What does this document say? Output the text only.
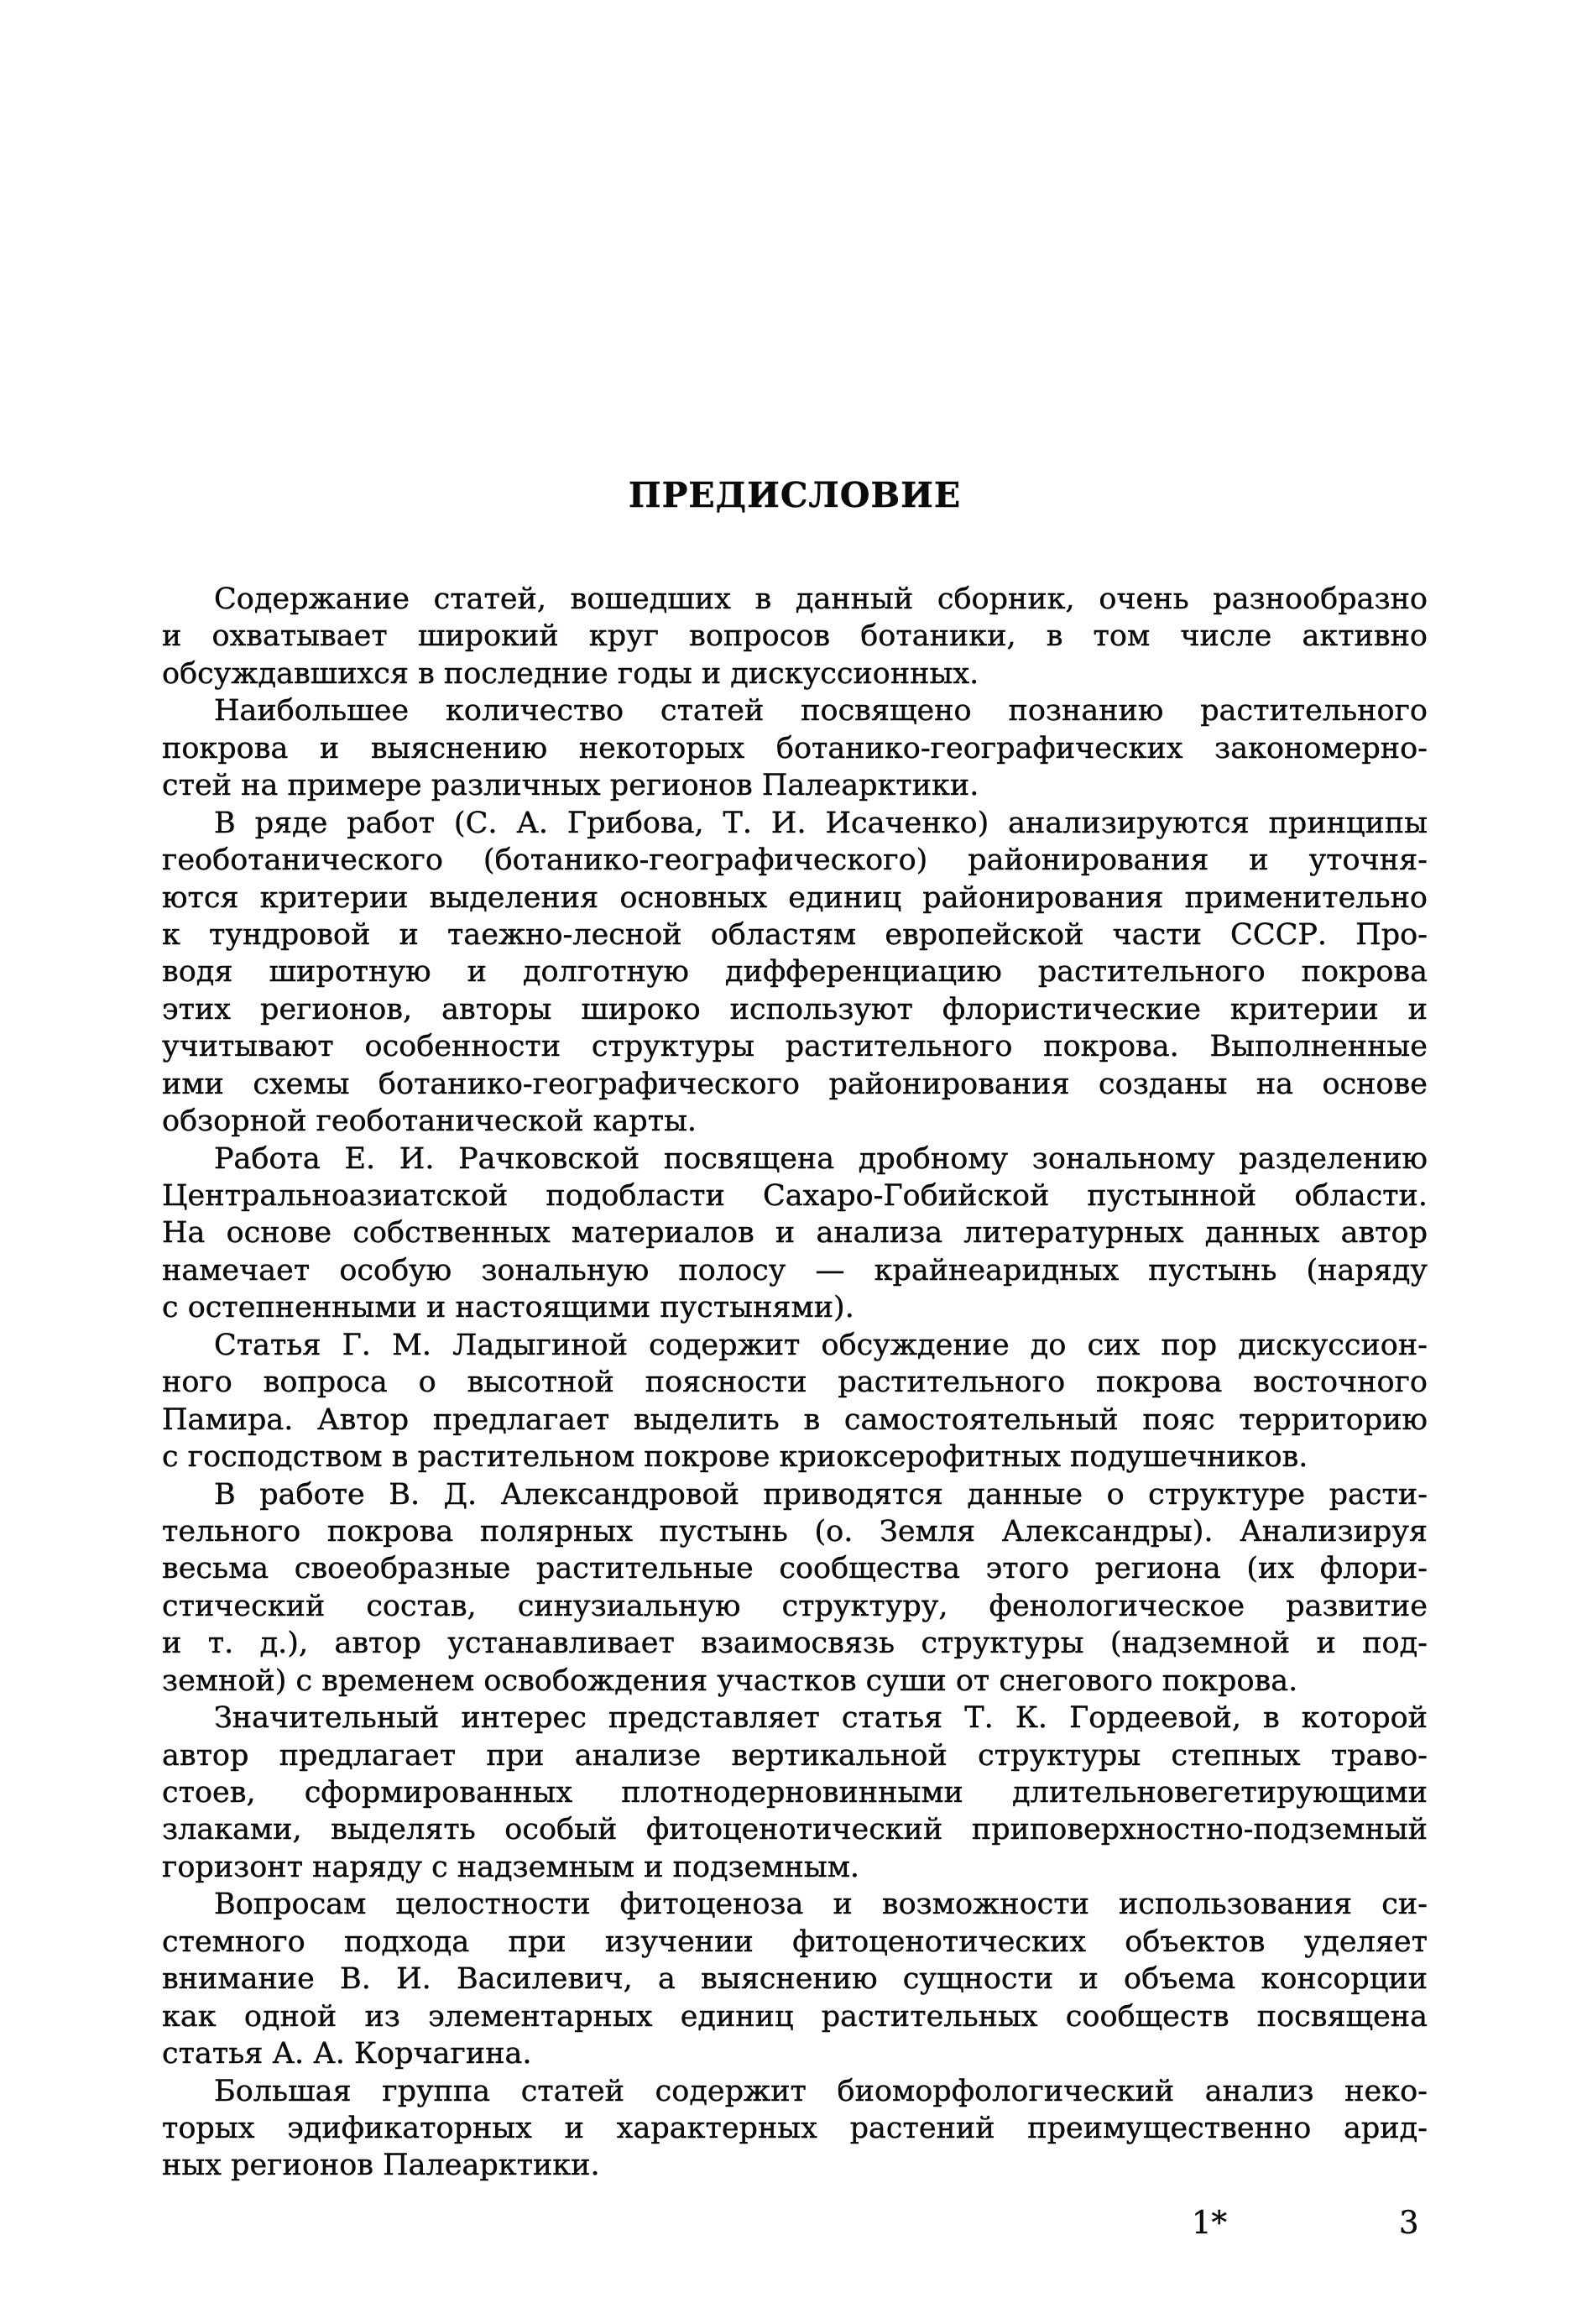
ПРЕДИСЛОВИЕ
Содержание статей, вошедших в данный сборник, очень разнообразно
и охватывает широкий круг вопросов ботаники, в том числе активно
обсуждавшихся в последние годы и дискуссионных.
Наибольшее количество статей посвящено познанию растительного
покрова и выяснению некоторых ботанико-географических закономерно-
стей на примере различных регионов Палеарктики.
В ряде работ (С. А. Грибова, Т. И. Исаченко) анализируются принципы
геоботанического (ботанико-географического) районирования и уточня-
ются критерии выделения основных единиц районирования применительно
к тундровой и таежно-лесной областям европейской части СССР. Про-
водя широтную и долготную дифференциацию растительного покрова
этих регионов, авторы широко используют флористические критерии и
учитывают особенности структуры растительного покрова. Выполненные
ими схемы ботанико-географического районирования созданы на основе
обзорной геоботанической карты.
Работа Е. И. Рачковской посвящена дробному зональному разделению
Центральноазиатской подобласти Сахаро-Гобийской пустынной области.
На основе собственных материалов и анализа литературных данных автор
намечает особую зональную полосу — крайнеаридных пустынь (наряду
с остепненными и настоящими пустынями).
Статья Г. М. Ладыгиной содержит обсуждение до сих пор дискуссион-
ного вопроса о высотной поясности растительного покрова восточного
Памира. Автор предлагает выделить в самостоятельный пояс территорию
с господством в растительном покрове криоксерофитных подушечников.
В работе В. Д. Александровой приводятся данные о структуре расти-
тельного покрова полярных пустынь (о. Земля Александры). Анализируя
весьма своеобразные растительные сообщества этого региона (их флори-
стический состав, синузиальную структуру, фенологическое развитие
и т. д.), автор устанавливает взаимосвязь структуры (надземной и под-
земной) с временем освобождения участков суши от снегового покрова.
Значительный интерес представляет статья Т. К. Гордеевой, в которой
автор предлагает при анализе вертикальной структуры степных траво-
стоев, сформированных плотнодерновинными длительновегетирующими
злаками, выделять особый фитоценотический приповерхностно-подземный
горизонт наряду с надземным и подземным.
Вопросам целостности фитоценоза и возможности использования си-
стемного подхода при изучении фитоценотических объектов уделяет
внимание В. И. Василевич, а выяснению сущности и объема консорции
как одной из элементарных единиц растительных сообществ посвящена
статья А. А. Корчагина.
Большая группа статей содержит биоморфологический анализ неко-
торых эдификаторных и характерных растений преимущественно арид-
ных регионов Палеарктики.
1*	3
